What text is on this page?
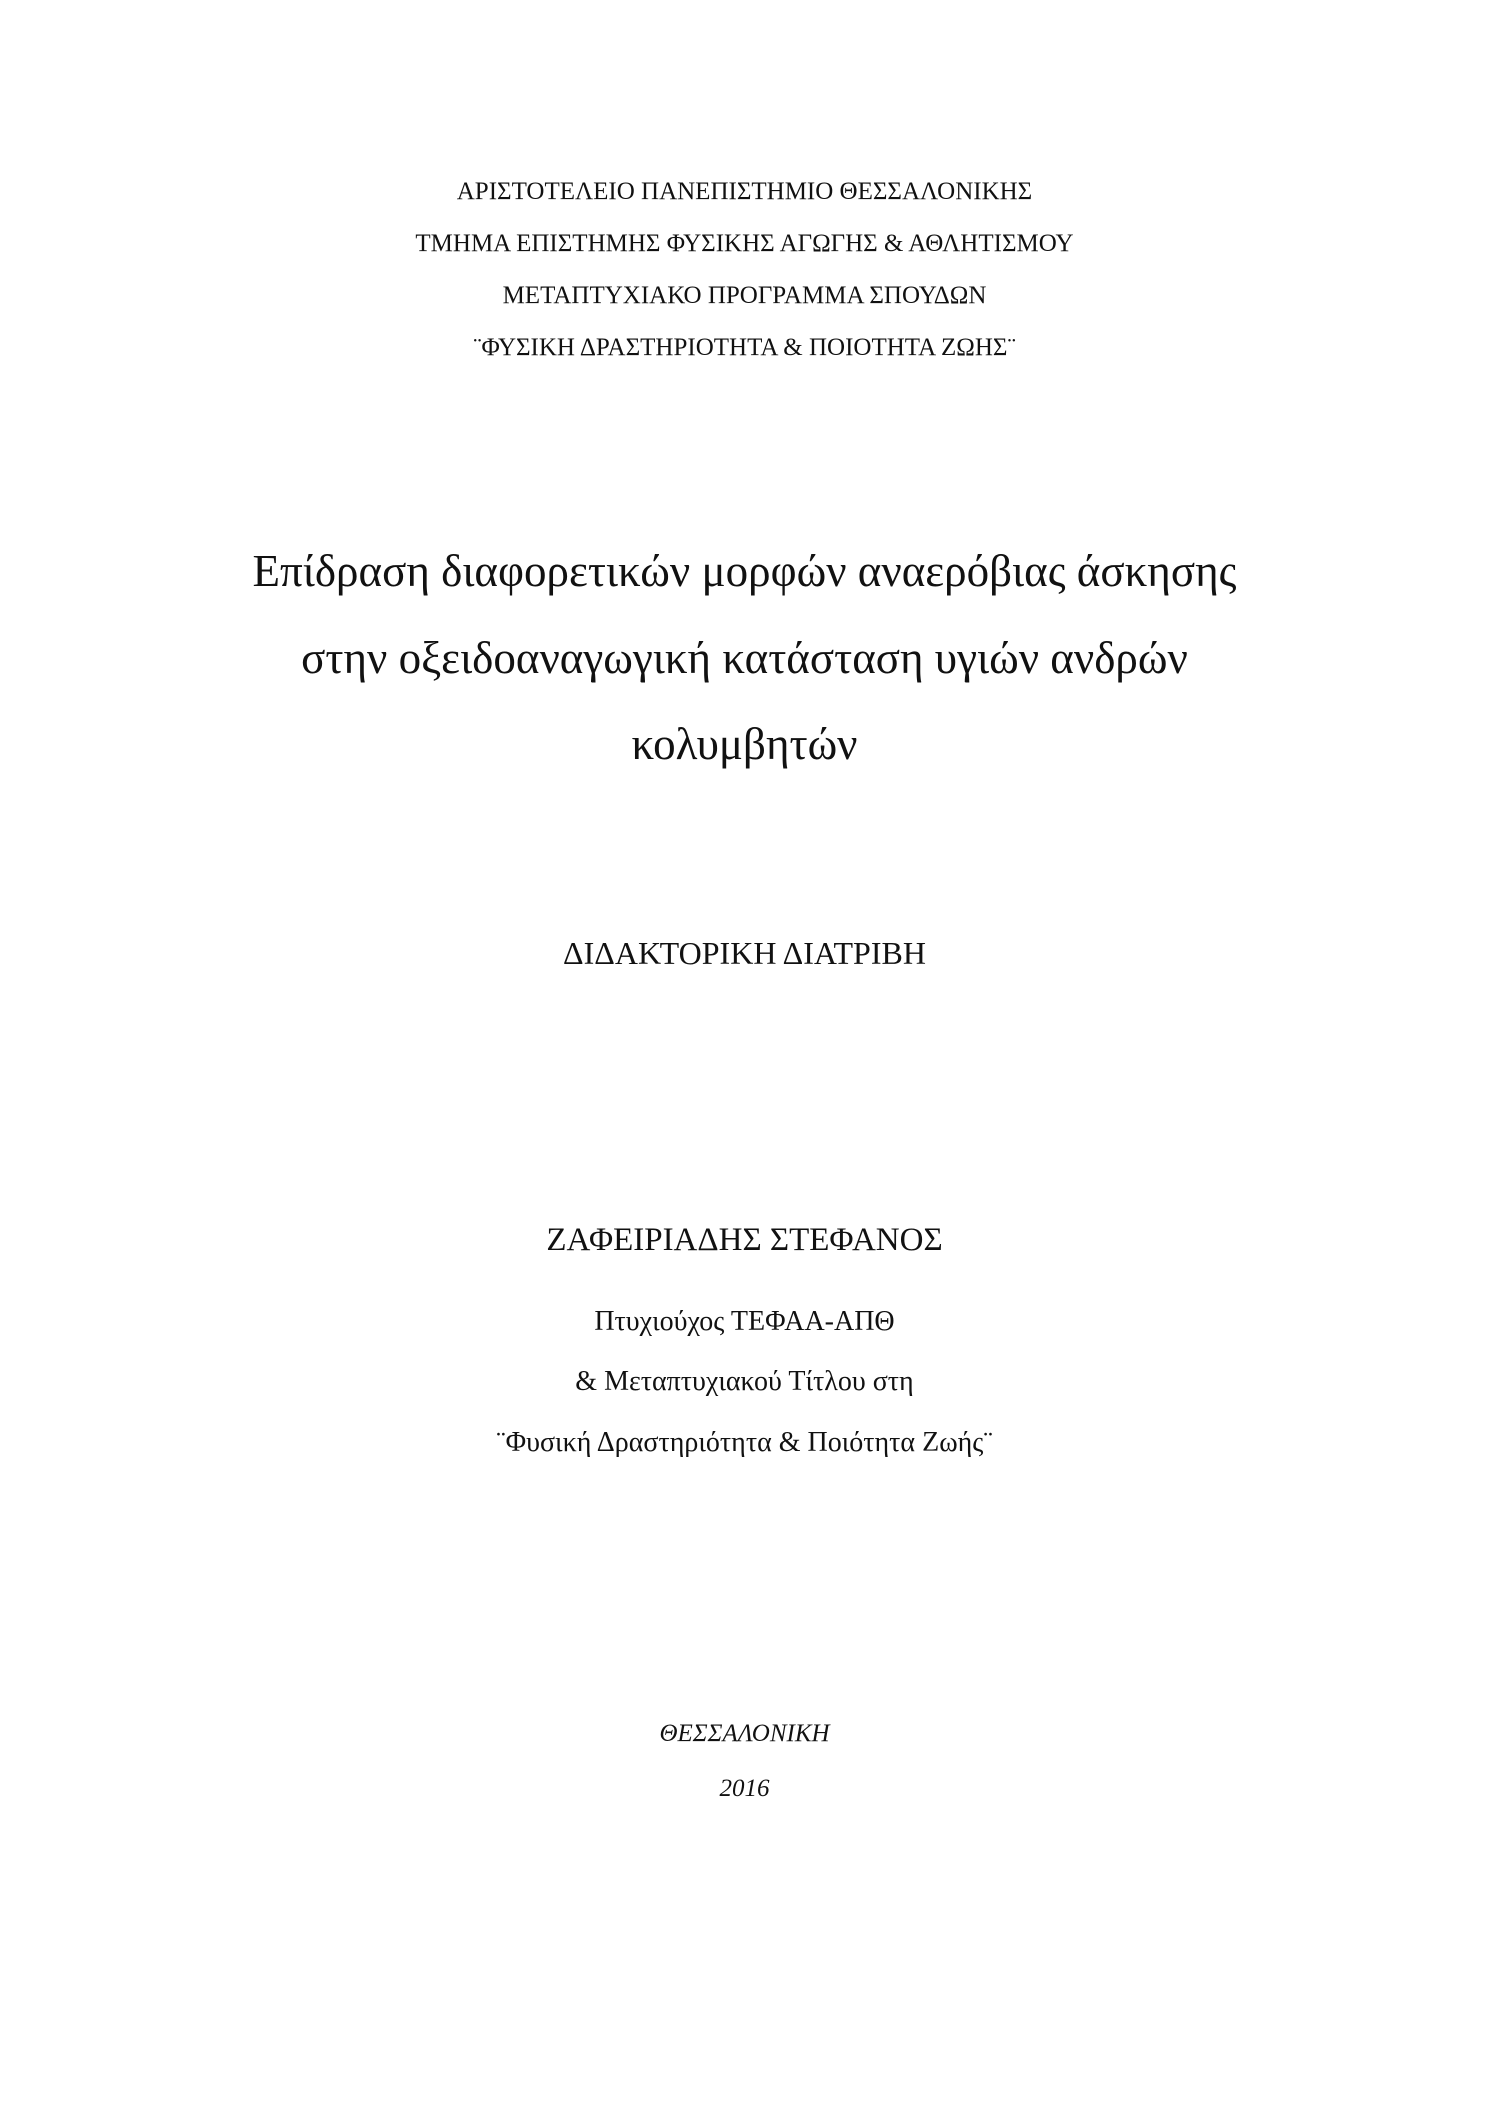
ΑΡΙΣΤΟΤΕΛΕΙΟ ΠΑΝΕΠΙΣΤΗΜΙΟ ΘΕΣΣΑΛΟΝΙΚΗΣ

ΤΜΗΜΑ ΕΠΙΣΤΗΜΗΣ ΦΥΣΙΚΗΣ ΑΓΩΓΗΣ & ΑΘΛΗΤΙΣΜΟΥ

ΜΕΤΑΠΤΥΧΙΑΚΟ ΠΡΟΓΡΑΜΜΑ ΣΠΟΥΔΩΝ

¨ΦΥΣΙΚΗ ΔΡΑΣΤΗΡΙΟΤΗΤΑ & ΠΟΙΟΤΗΤΑ ΖΩΗΣ¨

Επίδραση διαφορετικών μορφών αναερόβιας άσκησης

στην οξειδοαναγωγική κατάσταση υγιών ανδρών

κολυμβητών

ΔΙΔΑΚΤΟΡΙΚΗ ΔΙΑΤΡΙΒΗ

ΖΑΦΕΙΡΙΑΔΗΣ ΣΤΕΦΑΝΟΣ

Πτυχιούχος ΤΕΦΑΑ-ΑΠΘ

& Μεταπτυχιακού Τίτλου στη

¨Φυσική Δραστηριότητα & Ποιότητα Ζωής¨

ΘΕΣΣΑΛΟΝΙΚΗ

2016
